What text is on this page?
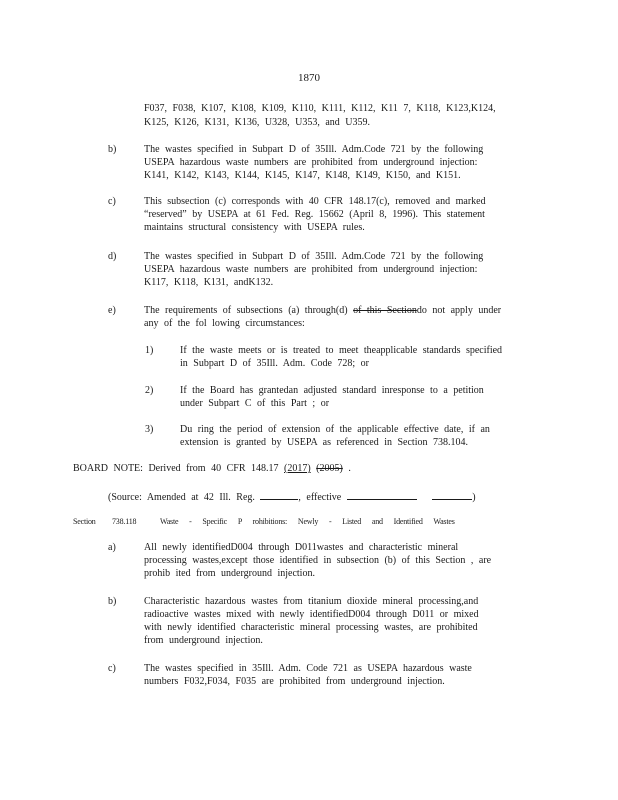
1870
F037, F038, K107, K108, K109, K110, K111, K112, K11 7, K118, K123,K124,
K125, K126, K131, K136, U328, U353, and U359.
b)	The wastes specified in Subpart D of 35Ill. Adm.Code 721 by the following
USEPA hazardous waste numbers are prohibited from underground injection:
K141, K142, K143, K144, K145, K147, K148, K149, K150, and K151.
c)	This subsection (c) corresponds with 40 CFR 148.17(c), removed and marked
“reserved” by USEPA at 61 Fed. Reg. 15662 (April 8, 1996). This statement
maintains structural consistency with USEPA rules.
d)	The wastes specified in Subpart D of 35Ill. Adm.Code 721 by the following
USEPA hazardous waste numbers are prohibited from underground injection:
K117, K118, K131, andK132.
e)	The requirements of subsections (a) through(d) of this Sectiondo not apply under
any of the fol lowing circumstances:
1)	If the waste meets or is treated to meet theapplicable standards specified
in Subpart D of 35Ill. Adm. Code 728; or
2)	If the Board has grantedan adjusted standard inresponse to a petition
under Subpart C of this Part ; or
3)	Du ring the period of extension of the applicable effective date, if an
extension is granted by USEPA as referenced in Section 738.104.
BOARD NOTE: Derived from 40 CFR 148.17 (2017) (2005) .
(Source: Amended at 42 Ill. Reg.	, effective	)
Section 738.118	Waste - Specific P rohibitions: Newly - Listed and Identified Wastes
a)	All newly identifiedD004 through D011wastes and characteristic mineral
processing wastes,except those identified in subsection (b) of this Section , are
prohib ited from underground injection.
b)	Characteristic hazardous wastes from titanium dioxide mineral processing,and
radioactive wastes mixed with newly identifiedD004 through D011 or mixed
with newly identified characteristic mineral processing wastes, are prohibited
from underground injection.
c)	The wastes specified in 35Ill. Adm. Code 721 as USEPA hazardous waste
numbers F032,F034, F035 are prohibited from underground injection.
